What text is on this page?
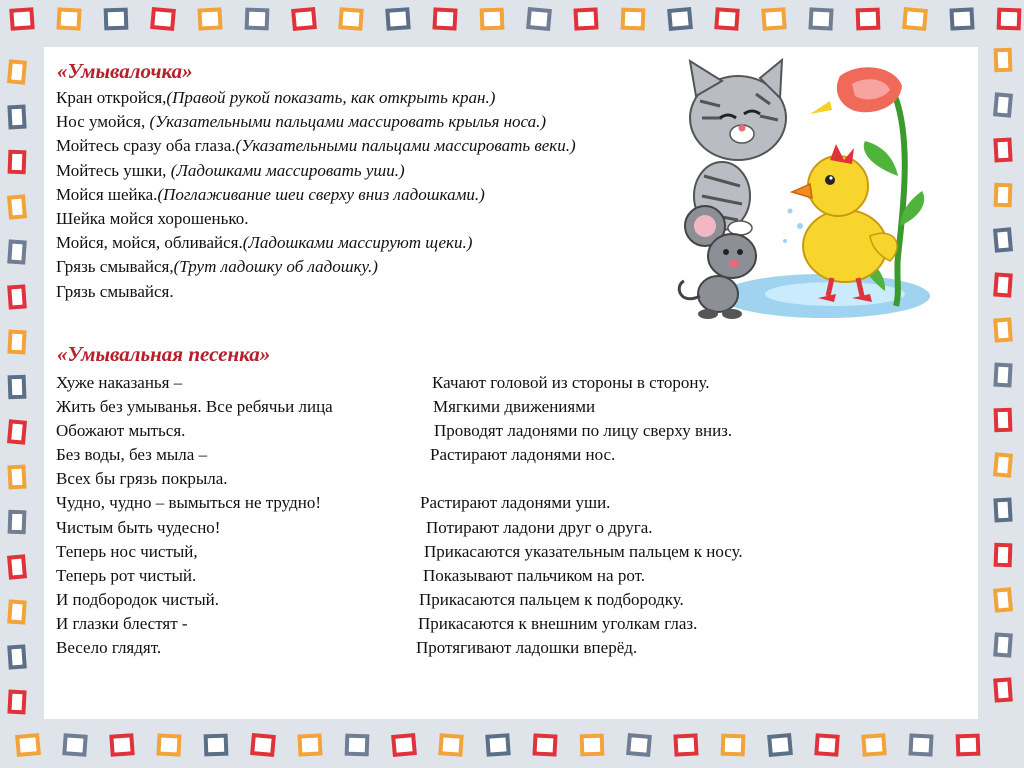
«Умывалочка»
Кран откройся,(Правой рукой показать, как открыть кран.)
Нос умойся, (Указательными пальцами массировать крылья носа.)
Мойтесь сразу оба глаза.(Указательными пальцами массировать веки.)
Мойтесь ушки, (Ладошками массировать уши.)
Мойся шейка.(Поглаживание шеи сверху вниз ладошками.)
Шейка мойся хорошенько.
Мойся, мойся, обливайся.(Ладошками массируют щеки.)
Грязь смывайся,(Трут ладошку об ладошку.)
Грязь смывайся.
«Умывальная песенка»
Хуже наказанья –
Жить без умыванья. Все ребячьи лица
Обожают мыться.
Без воды, без мыла –
Всех бы грязь покрыла.
Чудно, чудно – вымыться не трудно!
Чистым быть чудесно!
Теперь нос чистый,
Теперь рот чистый.
И подбородок чистый.
И глазки блестят -
Весело глядят.
Качают головой из стороны в сторону.
Мягкими движениями
Проводят ладонями по лицу сверху вниз.
Растирают ладонями нос.
Растирают ладонями уши.
Потирают ладони друг о друга.
Прикасаются указательным пальцем к носу.
Показывают пальчиком на рот.
Прикасаются пальцем к подбородку.
Прикасаются к внешним уголкам глаз.
Протягивают ладошки вперёд.
